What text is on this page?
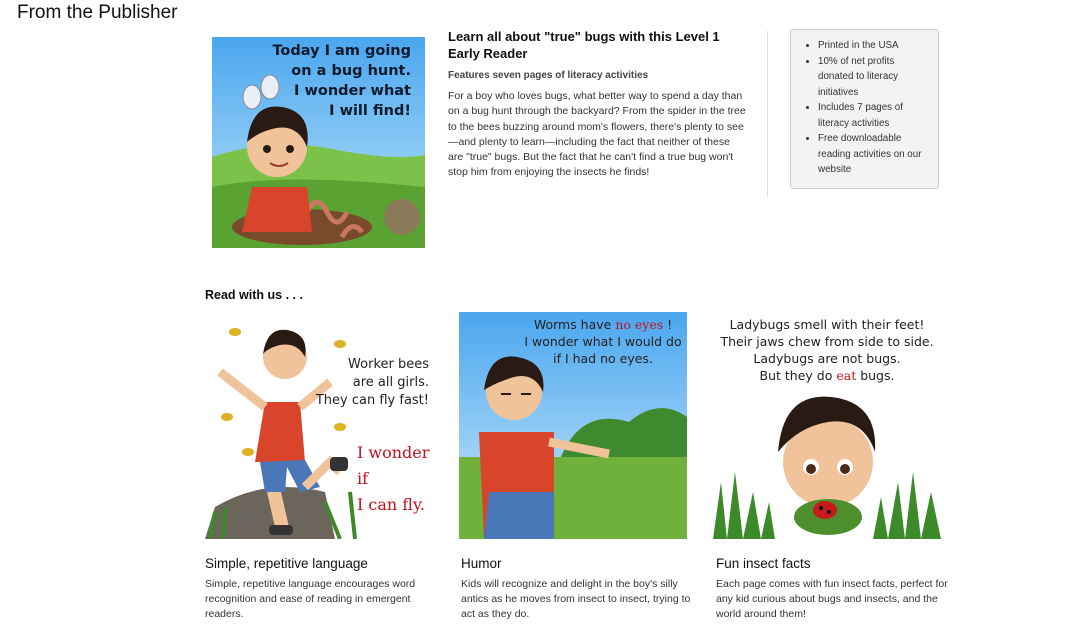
From the Publisher
Today I am going
on a bug hunt.
I wonder what
I will find!
Learn all about "true" bugs with this Level 1 Early Reader
Features seven pages of literacy activities
For a boy who loves bugs, what better way to spend a day than on a bug hunt through the backyard? From the spider in the tree to the bees buzzing around mom's flowers, there's plenty to see—and plenty to learn—including the fact that neither of these are "true" bugs. But the fact that he can't find a true bug won't stop him from enjoying the insects he finds!
• Printed in the USA
• 10% of net profits donated to literacy initiatives
• Includes 7 pages of literacy activities
• Free downloadable reading activities on our website
Read with us . . .
Worker bees
are all girls.
They can fly fast!
I wonder if
I can fly.
Simple, repetitive language
Simple, repetitive language encourages word recognition and ease of reading in emergent readers.
Worms have no eyes !
I wonder what I would do
if I had no eyes.
Humor
Kids will recognize and delight in the boy's silly antics as he moves from insect to insect, trying to act as they do.
Ladybugs smell with their feet!
Their jaws chew from side to side.
Ladybugs are not bugs.
But they do eat bugs.
Fun insect facts
Each page comes with fun insect facts, perfect for any kid curious about bugs and insects, and the world around them!
